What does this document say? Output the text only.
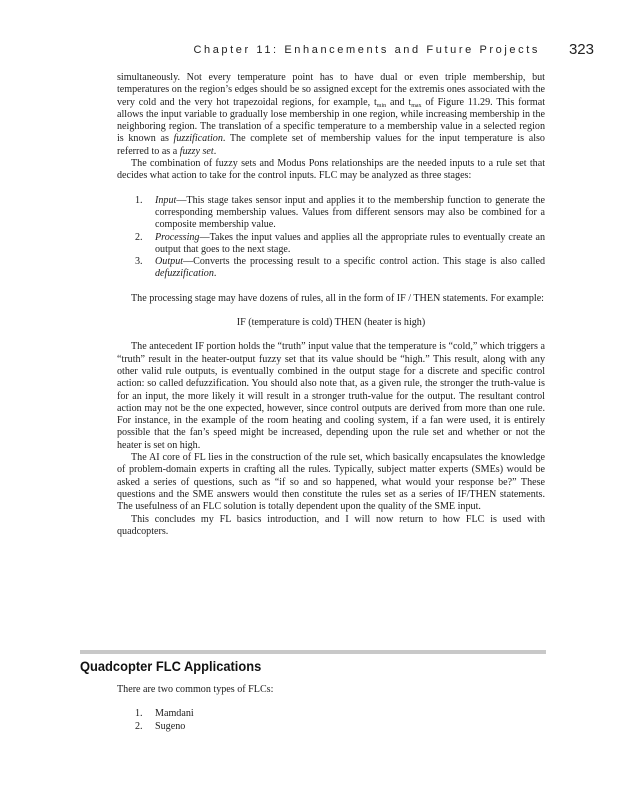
Chapter 11: Enhancements and Future Projects 323

simultaneously. Not every temperature point has to have dual or even triple membership, but temperatures on the region’s edges should be so assigned except for the extremis ones associated with the very cold and the very hot trapezoidal regions, for example, $t_{min}$ and $t_{max}$ of Figure 11.29. This format allows the input variable to gradually lose membership in one region, while increasing membership in the neighboring region. The translation of a specific temperature to a membership value in a selected region is known as fuzzification. The complete set of membership values for the input temperature is also referred to as a fuzzy set.

The combination of fuzzy sets and Modus Pons relationships are the needed inputs to a rule set that decides what action to take for the control inputs. FLC may be analyzed as three stages:

1. Input—This stage takes sensor input and applies it to the membership function to generate the corresponding membership values. Values from different sensors may also be combined for a composite membership value.
2. Processing—Takes the input values and applies all the appropriate rules to eventually create an output that goes to the next stage.
3. Output—Converts the processing result to a specific control action. This stage is also called defuzzification.

The processing stage may have dozens of rules, all in the form of IF / THEN statements. For example:

IF (temperature is cold) THEN (heater is high)

The antecedent IF portion holds the “truth” input value that the temperature is “cold,” which triggers a “truth” result in the heater-output fuzzy set that its value should be “high.” This result, along with any other valid rule outputs, is eventually combined in the output stage for a discrete and specific control action: so called defuzzification. You should also note that, as a given rule, the stronger the truth-value is for an input, the more likely it will result in a stronger truth-value for the output. The resultant control action may not be the one expected, however, since control outputs are derived from more than one rule. For instance, in the example of the room heating and cooling system, if a fan were used, it is entirely possible that the fan’s speed might be increased, depending upon the rule set and whether or not the heater is set on high.

The AI core of FL lies in the construction of the rule set, which basically encapsulates the knowledge of problem-domain experts in crafting all the rules. Typically, subject matter experts (SMEs) would be asked a series of questions, such as “if so and so happened, what would your response be?” These questions and the SME answers would then constitute the rules set as a series of IF/THEN statements. The usefulness of an FLC solution is totally dependent upon the quality of the SME input.

This concludes my FL basics introduction, and I will now return to how FLC is used with quadcopters.

Quadcopter FLC Applications

There are two common types of FLCs:

1. Mamdani
2. Sugeno
